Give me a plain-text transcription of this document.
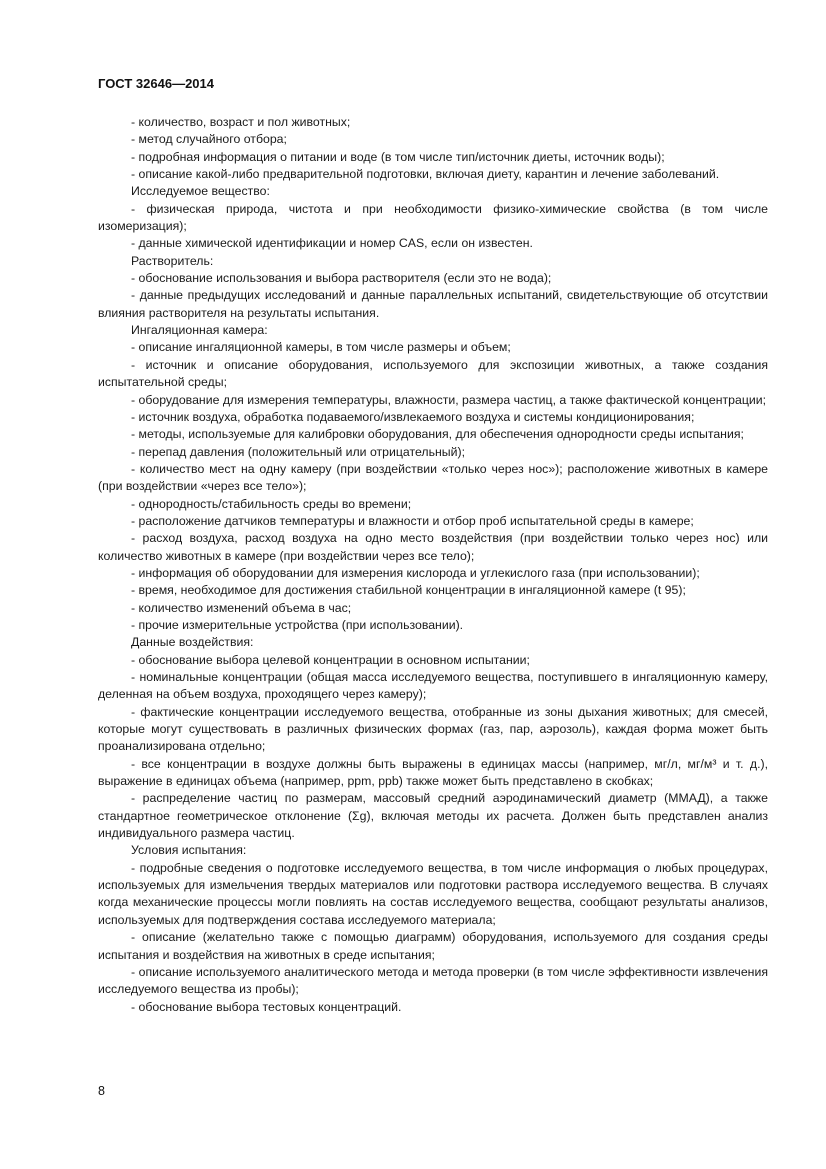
ГОСТ 32646—2014

- количество, возраст и пол животных;

- метод случайного отбора;

- подробная информация о питании и воде (в том числе тип/источник диеты, источник воды);

- описание какой-либо предварительной подготовки, включая диету, карантин и лечение заболеваний.

Исследуемое вещество:

- физическая природа, чистота и при необходимости физико-химические свойства (в том числе изомеризация);

- данные химической идентификации и номер CAS, если он известен.

Растворитель:

- обоснование использования и выбора растворителя (если это не вода);

- данные предыдущих исследований и данные параллельных испытаний, свидетельствующие об отсутствии влияния растворителя на результаты испытания.

Ингаляционная камера:

- описание ингаляционной камеры, в том числе размеры и объем;

- источник и описание оборудования, используемого для экспозиции животных, а также создания испытательной среды;

- оборудование для измерения температуры, влажности, размера частиц, а также фактической концентрации;

- источник воздуха, обработка подаваемого/извлекаемого воздуха и системы кондиционирования;

- методы, используемые для калибровки оборудования, для обеспечения однородности среды испытания;

- перепад давления (положительный или отрицательный);

- количество мест на одну камеру (при воздействии «только через нос»); расположение животных в камере (при воздействии «через все тело»);

- однородность/стабильность среды во времени;

- расположение датчиков температуры и влажности и отбор проб испытательной среды в камере;

- расход воздуха, расход воздуха на одно место воздействия (при воздействии только через нос) или количество животных в камере (при воздействии через все тело);

- информация об оборудовании для измерения кислорода и углекислого газа (при использовании);

- время, необходимое для достижения стабильной концентрации в ингаляционной камере (t 95);

- количество изменений объема в час;

- прочие измерительные устройства (при использовании).

Данные воздействия:

- обоснование выбора целевой концентрации в основном испытании;

- номинальные концентрации (общая масса исследуемого вещества, поступившего в ингаляционную камеру, деленная на объем воздуха, проходящего через камеру);

- фактические концентрации исследуемого вещества, отобранные из зоны дыхания животных; для смесей, которые могут существовать в различных физических формах (газ, пар, аэрозоль), каждая форма может быть проанализирована отдельно;

- все концентрации в воздухе должны быть выражены в единицах массы (например, мг/л, мг/м³ и т. д.), выражение в единицах объема (например, ppm, ppb) также может быть представлено в скобках;

- распределение частиц по размерам, массовый средний аэродинамический диаметр (ММАД), а также стандартное геометрическое отклонение (Σg), включая методы их расчета. Должен быть представлен анализ индивидуального размера частиц.

Условия испытания:

- подробные сведения о подготовке исследуемого вещества, в том числе информация о любых процедурах, используемых для измельчения твердых материалов или подготовки раствора исследуемого вещества. В случаях когда механические процессы могли повлиять на состав исследуемого вещества, сообщают результаты анализов, используемых для подтверждения состава исследуемого материала;

- описание (желательно также с помощью диаграмм) оборудования, используемого для создания среды испытания и воздействия на животных в среде испытания;

- описание используемого аналитического метода и метода проверки (в том числе эффективности извлечения исследуемого вещества из пробы);

- обоснование выбора тестовых концентраций.

8
